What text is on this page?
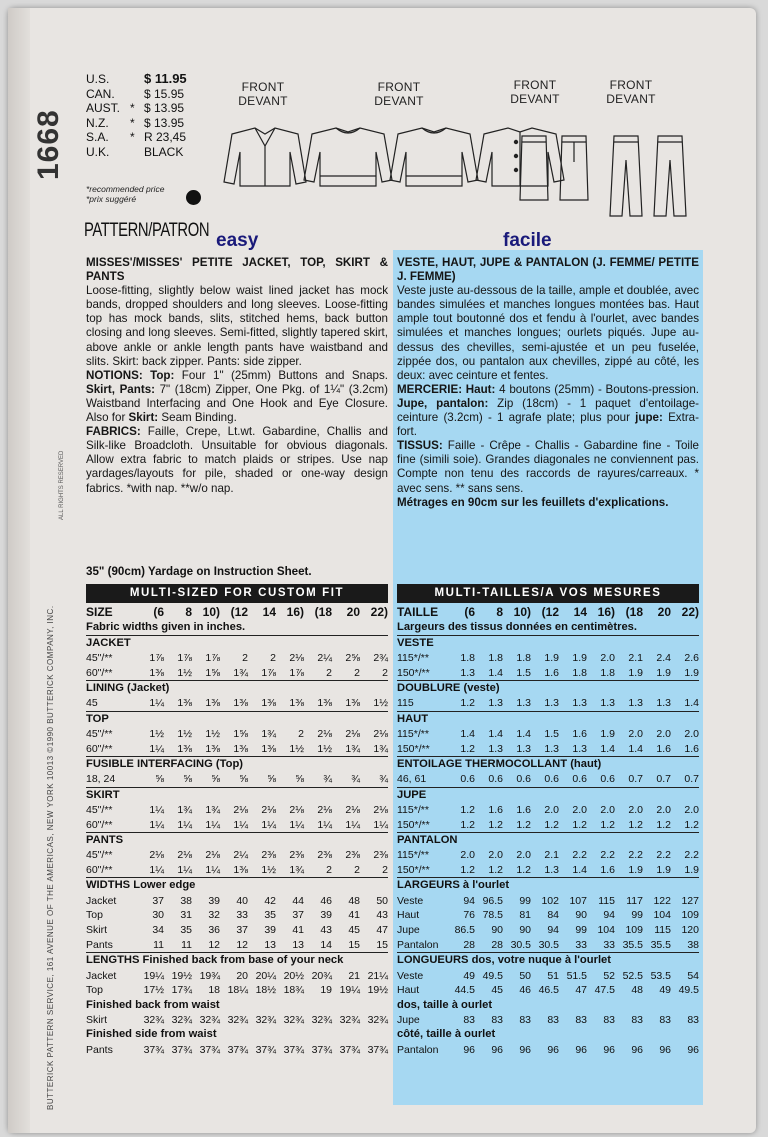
1668
BUTTERICK PATTERN SERVICE, 161 AVENUE OF THE AMERICAS, NEW YORK 10013 ©1990 BUTTERICK COMPANY, INC.
ALL RIGHTS RESERVED
U.S.	$ 11.95
CAN.	$ 15.95
AUST. * $ 13.95
N.Z.	* $ 13.95
S.A.	* R 23,45
U.K.	BLACK
*recommended price
*prix suggéré
FRONT
DEVANT
FRONT
DEVANT
FRONT
DEVANT
FRONT
DEVANT
PATTERN/PATRON easy	facile

MISSES'/MISSES' PETITE JACKET, TOP, SKIRT & PANTS

Loose-fitting, slightly below waist lined jacket has mock bands, dropped shoulders and long sleeves. Loose-fitting top has mock bands, slits, stitched hems, back button closing and long sleeves. Semi-fitted, slightly tapered skirt, above ankle or ankle length pants have waistband and slits. Skirt: back zipper. Pants: side zipper.

NOTIONS: Top: Four 1" (25mm) Buttons and Snaps. Skirt, Pants: 7" (18cm) Zipper, One Pkg. of 1¼" (3.2cm) Waistband Interfacing and One Hook and Eye Closure. Also for Skirt: Seam Binding.

FABRICS: Faille, Crepe, Lt.wt. Gabardine, Challis and Silk-like Broadcloth. Unsuitable for obvious diagonals. Allow extra fabric to match plaids or stripes. Use nap yardages/layouts for pile, shaded or one-way design fabrics. *with nap. **w/o nap.

35" (90cm) Yardage on Instruction Sheet.

VESTE, HAUT, JUPE & PANTALON (J. FEMME/ PETITE J. FEMME)

Veste juste au-dessous de la taille, ample et doublée, avec bandes simulées et manches longues montées bas. Haut ample tout boutonné dos et fendu à l'ourlet, avec bandes simulées et manches longues; ourlets piqués. Jupe au-dessus des chevilles, semi-ajustée et un peu fuselée, zippée dos, ou pantalon aux chevilles, zippé au côté, les deux: avec ceinture et fentes.

MERCERIE: Haut: 4 boutons (25mm) - Boutons-pression. Jupe, pantalon: Zip (18cm) - 1 paquet d'entoilage-ceinture (3.2cm) - 1 agrafe plate; plus pour jupe: Extra-fort.

TISSUS: Faille - Crêpe - Challis - Gabardine fine - Toile fine (simili soie). Grandes diagonales ne conviennent pas. Compte non tenu des raccords de rayures/carreaux. * avec sens. ** sans sens.

Métrages en 90cm sur les feuillets d'explications.

MULTI-SIZED FOR CUSTOM FIT
SIZE	(6	8 10) (12	14 16) (18	20 22)
Fabric widths given in inches.
JACKET
45"/**	1⅞	1⅞	1⅞	2	2	2⅛	2¼	2⅝	2¾
60"/**	1⅜	1½	1⅝	1¾	1⅞	1⅞	2	2	2
LINING (Jacket)
45	1¼	1⅜	1⅜	1⅜	1⅜	1⅜	1⅜	1⅜	1½
TOP
45"/**	1½	1½	1½	1⅝	1¾	2	2⅛	2⅛	2⅛
60"/**	1¼	1⅜	1⅜	1⅜	1⅜	1½	1½	1¾	1¾
FUSIBLE INTERFACING (Top)
18, 24	⅝	⅝	⅝	⅝	⅝	⅝	¾	¾	¾
SKIRT
45"/**	1¼	1¾	1¾	2⅛	2⅛	2⅛	2⅛	2⅛	2⅛
60"/**	1¼	1¼	1¼	1¼	1¼	1¼	1¼	1¼	1¼
PANTS
45"/**	2⅛	2⅛	2⅛	2¼	2⅜	2⅜	2⅜	2⅜	2⅜
60"/**	1¼	1¼	1¼	1⅜	1½	1¾	2	2	2
WIDTHS Lower edge
Jacket	37	38	39	40	42	44	46	48	50
Top	30	31	32	33	35	37	39	41	43
Skirt	34	35	36	37	39	41	43	45	47
Pants	11	11	12	12	13	13	14	15	15
LENGTHS Finished back from base of your neck
Jacket	19¼ 19½ 19¾	20 20¼ 20½ 20¾	21 21¼
Top	17½ 17¾	18 18¼ 18½ 18¾	19 19¼ 19½
Finished back from waist
Skirt	32¾ 32¾ 32¾ 32¾ 32¾ 32¾ 32¾ 32¾ 32¾
Finished side from waist
Pants	37¾ 37¾ 37¾ 37¾ 37¾ 37¾ 37¾ 37¾ 37¾
MULTI-TAILLES/A VOS MESURES
TAILLE	(6	8 10) (12	14 16) (18	20 22)
Largeurs des tissus données en centimètres.
VESTE
115*/**	1.8	1.8	1.8	1.9	1.9	2.0	2.1	2.4	2.6
150*/**	1.3	1.4	1.5	1.6	1.8	1.8	1.9	1.9	1.9
DOUBLURE (veste)
115	1.2	1.3	1.3	1.3	1.3	1.3	1.3	1.3	1.4
HAUT
115*/**	1.4	1.4	1.4	1.5	1.6	1.9	2.0	2.0	2.0
150*/**	1.2	1.3	1.3	1.3	1.3	1.4	1.4	1.6	1.6
ENTOILAGE THERMOCOLLANT (haut)
46, 61	0.6	0.6	0.6	0.6	0.6	0.6	0.7	0.7	0.7
JUPE
115*/**	1.2	1.6	1.6	2.0	2.0	2.0	2.0	2.0	2.0
150*/**	1.2	1.2	1.2	1.2	1.2	1.2	1.2	1.2	1.2
PANTALON
115*/**	2.0	2.0	2.0	2.1	2.2	2.2	2.2	2.2	2.2
150*/**	1.2	1.2	1.2	1.3	1.4	1.6	1.9	1.9	1.9
LARGEURS à l'ourlet
Veste	94 96.5	99 102 107	115	117 122 127
Haut	76 78.5	81	84	90	94	99 104 109
Jupe	86.5	90	90	94	99 104 109	115 120
Pantalon	28	28 30.5 30.5	33	33 35.5 35.5	38
LONGUEURS dos, votre nuque à l'ourlet
Veste	49 49.5	50	51 51.5	52 52.5 53.5	54
Haut	44.5	45	46 46.5	47 47.5	48	49 49.5
dos, taille à ourlet
Jupe	83	83	83	83	83	83	83	83	83
côté, taille à ourlet
Pantalon	96	96	96	96	96	96	96	96	96
